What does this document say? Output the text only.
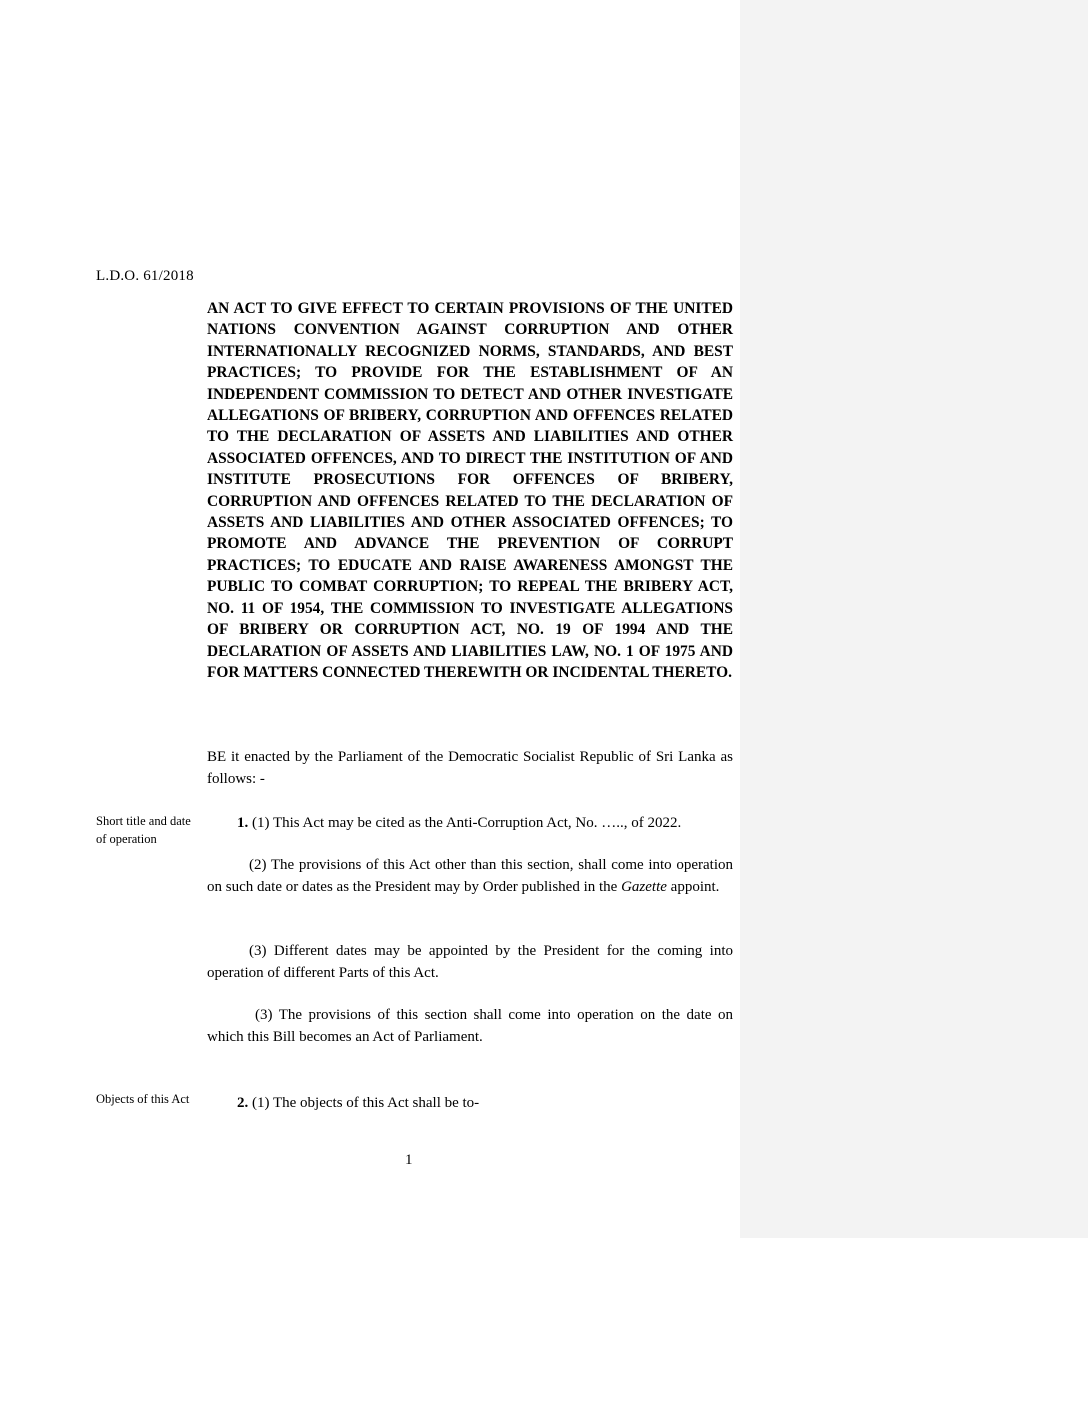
L.D.O. 61/2018

AN ACT TO GIVE EFFECT TO CERTAIN PROVISIONS OF THE UNITED NATIONS CONVENTION AGAINST CORRUPTION AND OTHER INTERNATIONALLY RECOGNIZED NORMS, STANDARDS, AND BEST PRACTICES; TO PROVIDE FOR THE ESTABLISHMENT OF AN INDEPENDENT COMMISSION TO DETECT AND OTHER INVESTIGATE ALLEGATIONS OF BRIBERY, CORRUPTION AND OFFENCES RELATED TO THE DECLARATION OF ASSETS AND LIABILITIES AND OTHER ASSOCIATED OFFENCES, AND TO DIRECT THE INSTITUTION OF AND INSTITUTE PROSECUTIONS FOR OFFENCES OF BRIBERY, CORRUPTION AND OFFENCES RELATED TO THE DECLARATION OF ASSETS AND LIABILITIES AND OTHER ASSOCIATED OFFENCES; TO PROMOTE AND ADVANCE THE PREVENTION OF CORRUPT PRACTICES; TO EDUCATE AND RAISE AWARENESS AMONGST THE PUBLIC TO COMBAT CORRUPTION; TO REPEAL THE BRIBERY ACT, NO. 11 OF 1954, THE COMMISSION TO INVESTIGATE ALLEGATIONS OF BRIBERY OR CORRUPTION ACT, NO. 19 OF 1994 AND THE DECLARATION OF ASSETS AND LIABILITIES LAW, NO. 1 OF 1975 AND FOR MATTERS CONNECTED THEREWITH OR INCIDENTAL THERETO.

BE it enacted by the Parliament of the Democratic Socialist Republic of Sri Lanka as follows: -

Short title and date of operation

1. (1) This Act may be cited as the Anti-Corruption Act, No. ….., of 2022.

(2) The provisions of this Act other than this section, shall come into operation on such date or dates as the President may by Order published in the Gazette appoint.

(3) Different dates may be appointed by the President for the coming into operation of different Parts of this Act.

(3) The provisions of this section shall come into operation on the date on which this Bill becomes an Act of Parliament.

Objects of this Act	2. (1) The objects of this Act shall be to-

1
